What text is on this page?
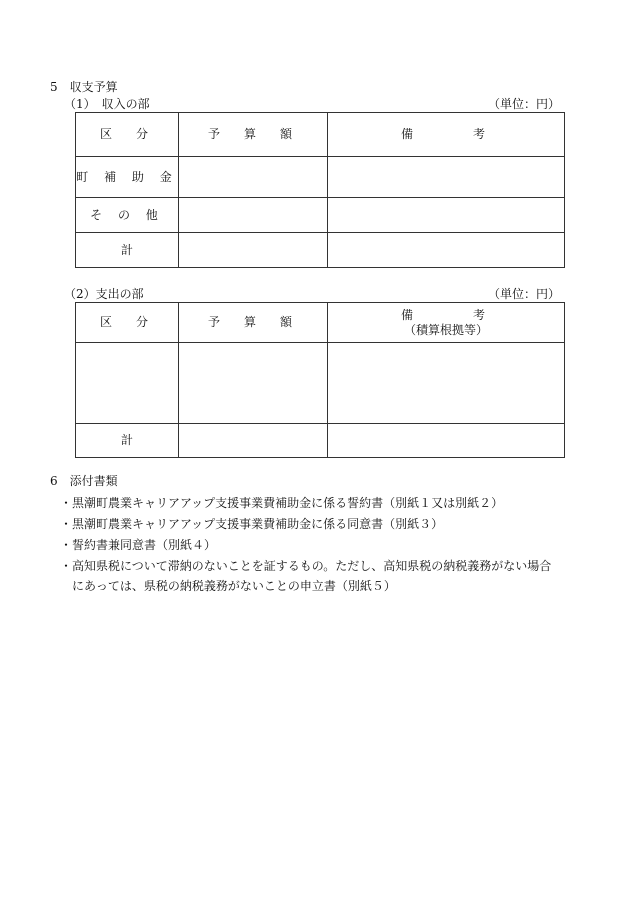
5　収支予算
（1）　収入の部	（単位：円）
区　分	予　算　額	備　　　考
町 補 助 金		
そ の 他		
計		
（2）支出の部	（単位：円）
区　分	予　算　額	備　　　考
（積算根拠等）

計		
6　添付書類
・黒潮町農業キャリアアップ支援事業費補助金に係る誓約書（別紙１又は別紙２）
・黒潮町農業キャリアアップ支援事業費補助金に係る同意書（別紙３）
・誓約書兼同意書（別紙４）
・高知県税について滞納のないことを証するもの。ただし、高知県税の納税義務がない場合
　にあっては、県税の納税義務がないことの申立書（別紙５）
